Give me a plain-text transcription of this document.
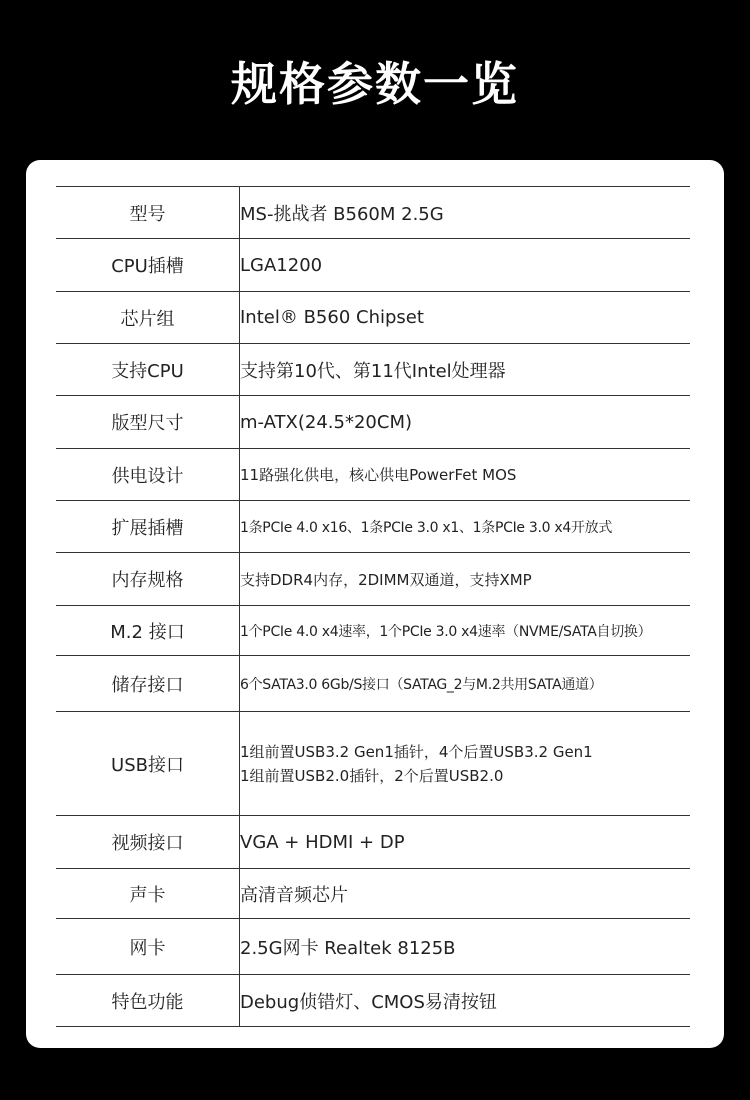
规格参数一览
型号	MS-挑战者 B560M 2.5G
CPU插槽	LGA1200
芯片组	Intel® B560 Chipset
支持CPU	支持第10代、第11代Intel处理器
版型尺寸	m-ATX(24.5*20CM)
供电设计	11路强化供电，核心供电PowerFet MOS
扩展插槽	1条PCIe 4.0 x16、1条PCIe 3.0 x1、1条PCIe 3.0 x4开放式
内存规格	支持DDR4内存，2DIMM双通道，支持XMP
M.2 接口	1个PCIe 4.0 x4速率，1个PCIe 3.0 x4速率（NVME/SATA自切换）
储存接口	6个SATA3.0 6Gb/S接口（SATAG_2与M.2共用SATA通道）
USB接口	1组前置USB3.2 Gen1插针，4个后置USB3.2 Gen1
1组前置USB2.0插针，2个后置USB2.0

视频接口	VGA + HDMI + DP
声卡	高清音频芯片
网卡	2.5G网卡 Realtek 8125B
特色功能	Debug侦错灯、CMOS易清按钮
